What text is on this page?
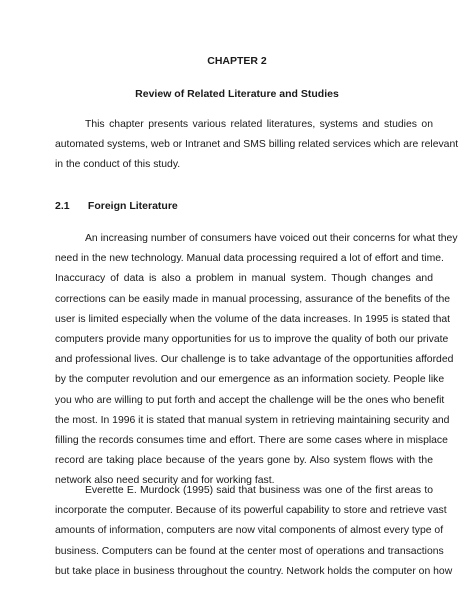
CHAPTER 2
Review of Related Literature and Studies
This chapter presents various related literatures, systems and studies on
automated systems, web or Intranet and SMS billing related services which are relevant
in the conduct of this study.
2.1 Foreign Literature
An increasing number of consumers have voiced out their concerns for what they
need in the new technology. Manual data processing required a lot of effort and time.
Inaccuracy of data is also a problem in manual system. Though changes and
corrections can be easily made in manual processing, assurance of the benefits of the
user is limited especially when the volume of the data increases. In 1995 is stated that
computers provide many opportunities for us to improve the quality of both our private
and professional lives. Our challenge is to take advantage of the opportunities afforded
by the computer revolution and our emergence as an information society. People like
you who are willing to put forth and accept the challenge will be the ones who benefit
the most. In 1996 it is stated that manual system in retrieving maintaining security and
filling the records consumes time and effort. There are some cases where in misplace
record are taking place because of the years gone by. Also system flows with the
network also need security and for working fast.
Everette E. Murdock (1995) said that business was one of the first areas to
incorporate the computer. Because of its powerful capability to store and retrieve vast
amounts of information, computers are now vital components of almost every type of
business. Computers can be found at the center most of operations and transactions
but take place in business throughout the country. Network holds the computer on how
